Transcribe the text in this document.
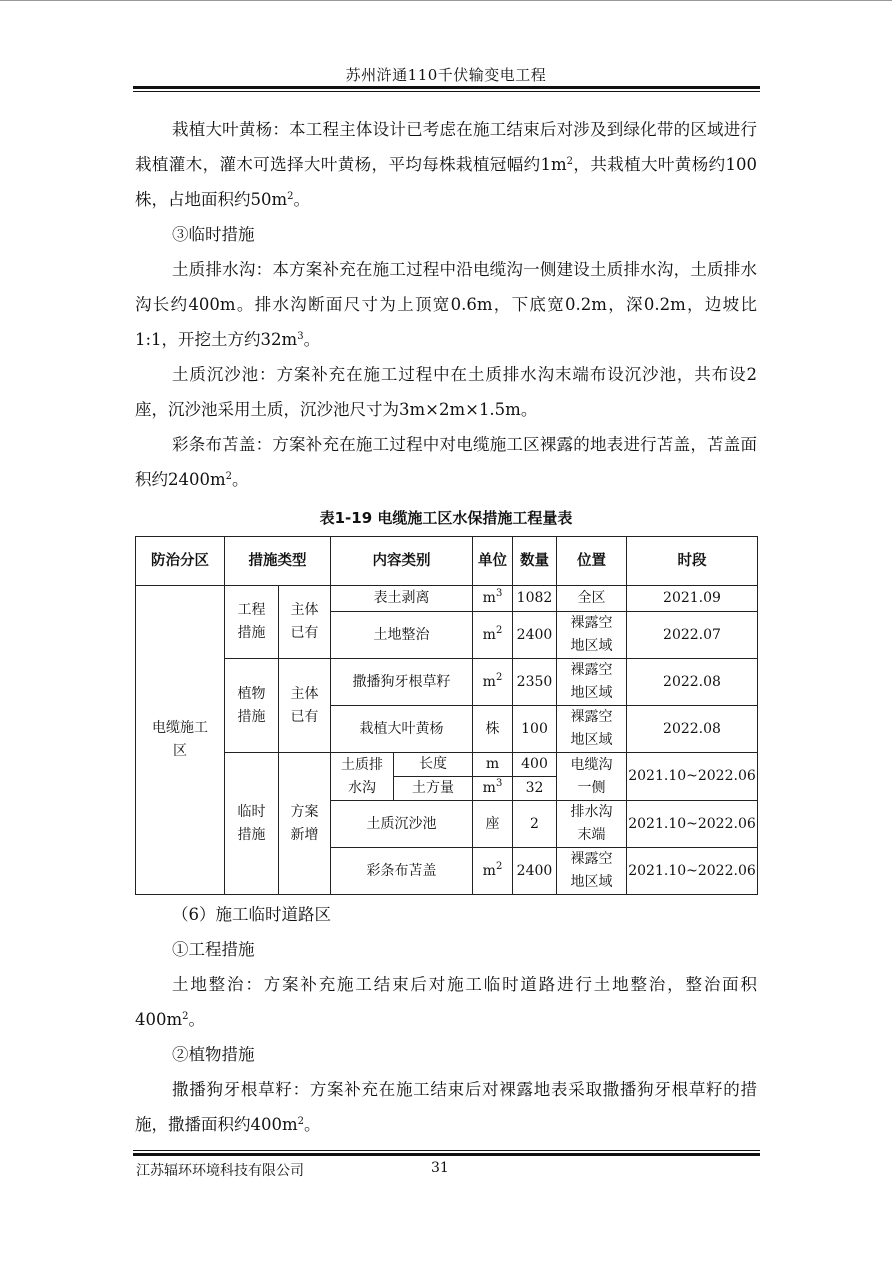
苏州浒通110千伏输变电工程

栽植大叶黄杨：本工程主体设计已考虑在施工结束后对涉及到绿化带的区域进行栽植灌木，灌木可选择大叶黄杨，平均每株栽植冠幅约$1m^2$，共栽植大叶黄杨约100株，占地面积约$50m^2$。

③临时措施

土质排水沟：本方案补充在施工过程中沿电缆沟一侧建设土质排水沟，土质排水沟长约400m。排水沟断面尺寸为上顶宽0.6m，下底宽0.2m，深0.2m，边坡比1:1，开挖土方约$32m^3$。

土质沉沙池：方案补充在施工过程中在土质排水沟末端布设沉沙池，共布设2座，沉沙池采用土质，沉沙池尺寸为3m×2m×1.5m。

彩条布苫盖：方案补充在施工过程中对电缆施工区裸露的地表进行苫盖，苫盖面积约$2400m^2$。

表1-19 电缆施工区水保措施工程量表
防治分区	措施类型		内容类别		单位	数量	位置	时段
电缆施工区	工程措施	主体已有	表土剥离		$m^3$	1082	全区	2021.09
			土地整治		$m^2$	2400	裸露空地区域	2022.07
	植物措施	主体已有	撒播狗牙根草籽		$m^2$	2350	裸露空地区域	2022.08
			栽植大叶黄杨		株	100	裸露空地区域	2022.08
	临时措施	方案新增	土质排水沟	长度	m	400	电缆沟一侧	2021.10~2022.06
				土方量	$m^3$	32		
			土质沉沙池		座	2	排水沟末端	2021.10~2022.06
			彩条布苫盖		$m^2$	2400	裸露空地区域	2021.10~2022.06

（6）施工临时道路区

①工程措施

土地整治：方案补充施工结束后对施工临时道路进行土地整治，整治面积$400m^2$。

②植物措施

撒播狗牙根草籽：方案补充在施工结束后对裸露地表采取撒播狗牙根草籽的措施，撒播面积约$400m^2$。

江苏辐环环境科技有限公司	31
